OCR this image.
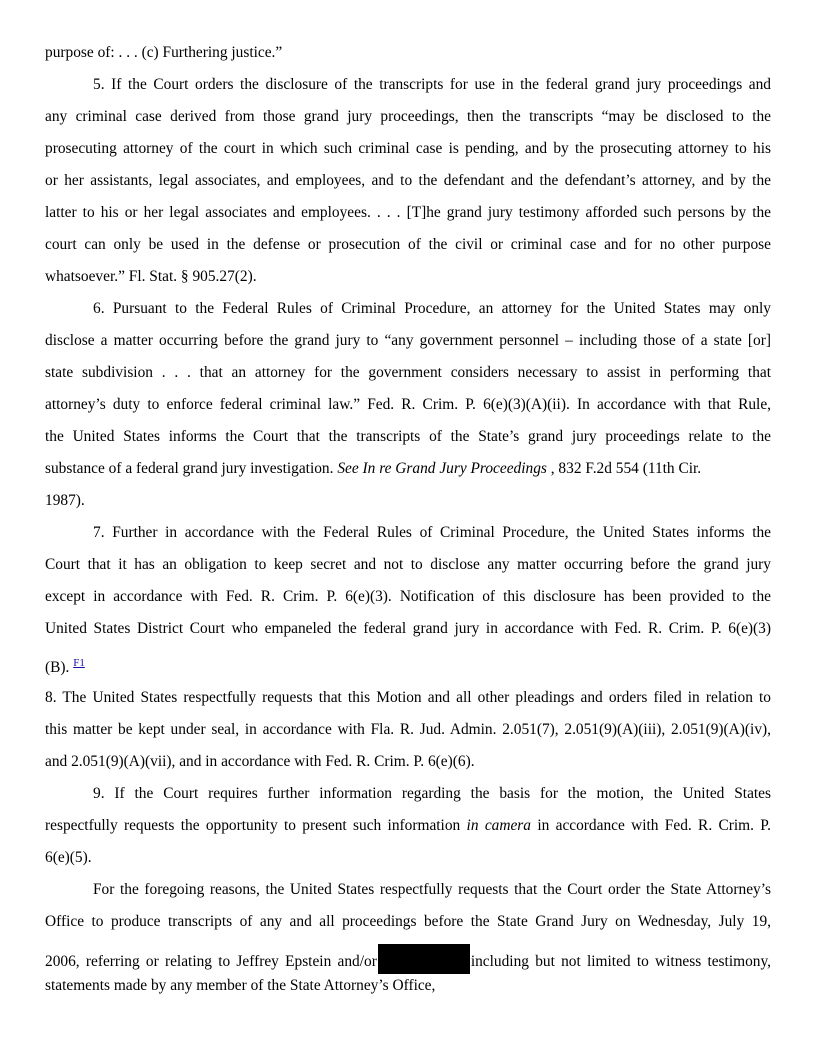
purpose of: . . . (c) Furthering justice.”
5. If the Court orders the disclosure of the transcripts for use in the federal grand jury proceedings and
any criminal case derived from those grand jury proceedings, then the transcripts “may be disclosed to the
prosecuting attorney of the court in which such criminal case is pending, and by the prosecuting attorney to his
or her assistants, legal associates, and employees, and to the defendant and the defendant’s attorney, and by the
latter to his or her legal associates and employees. . . . [T]he grand jury testimony afforded such persons by the
court can only be used in the defense or prosecution of the civil or criminal case and for no other purpose
whatsoever.” Fl. Stat. § 905.27(2).
6. Pursuant to the Federal Rules of Criminal Procedure, an attorney for the United States may only
disclose a matter occurring before the grand jury to “any government personnel – including those of a state [or]
state subdivision . . . that an attorney for the government considers necessary to assist in performing that
attorney’s duty to enforce federal criminal law.” Fed. R. Crim. P. 6(e)(3)(A)(ii). In accordance with that Rule,
the United States informs the Court that the transcripts of the State’s grand jury proceedings relate to the
substance of a federal grand jury investigation. See In re Grand Jury Proceedings , 832 F.2d 554 (11th Cir.
1987).
7. Further in accordance with the Federal Rules of Criminal Procedure, the United States informs the
Court that it has an obligation to keep secret and not to disclose any matter occurring before the grand jury
except in accordance with Fed. R. Crim. P. 6(e)(3). Notification of this disclosure has been provided to the
United States District Court who empaneled the federal grand jury in accordance with Fed. R. Crim. P. 6(e)(3)
(B). $^{F1}$
8. The United States respectfully requests that this Motion and all other pleadings and orders filed in relation to
this matter be kept under seal, in accordance with Fla. R. Jud. Admin. 2.051(7), 2.051(9)(A)(iii), 2.051(9)(A)(iv),
and 2.051(9)(A)(vii), and in accordance with Fed. R. Crim. P. 6(e)(6).
9. If the Court requires further information regarding the basis for the motion, the United States
respectfully requests the opportunity to present such information in camera in accordance with Fed. R. Crim. P.
6(e)(5).
For the foregoing reasons, the United States respectfully requests that the Court order the State Attorney’s
Office to produce transcripts of any and all proceedings before the State Grand Jury on Wednesday, July 19,
2006, referring or relating to Jeffrey Epstein and/or	including but not limited to witness testimony,
statements made by any member of the State Attorney’s Office,
